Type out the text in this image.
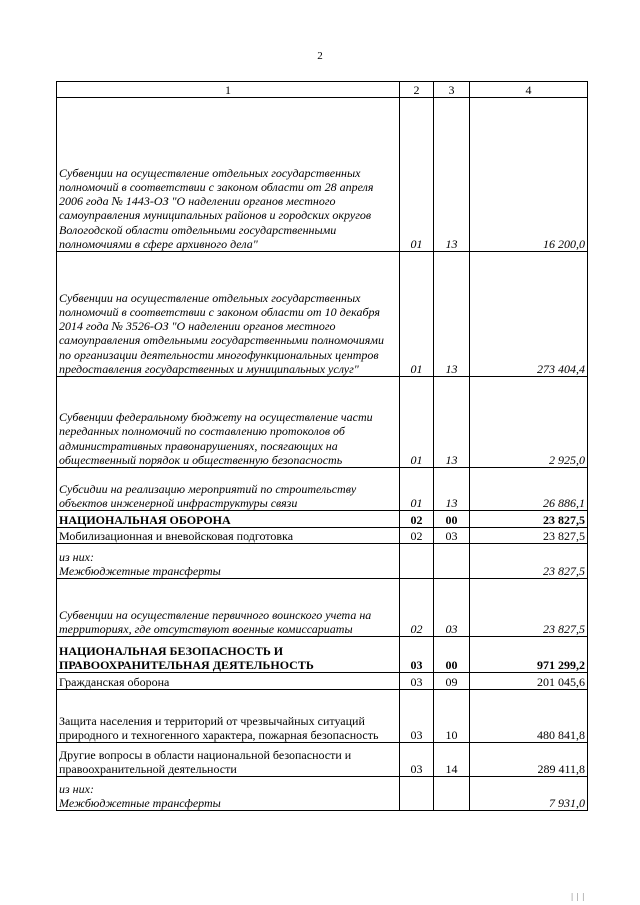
2
1	2	3	4
Субвенции на осуществление отдельных государственных полномочий в соответствии с законом области от 28 апреля 2006 года № 1443-ОЗ "О наделении органов местного самоуправления муниципальных районов и городских округов Вологодской области отдельными государственными полномочиями в сфере архивного дела"	01	13	16 200,0
Субвенции на осуществление отдельных государственных полномочий в соответствии с законом области от 10 декабря 2014 года № 3526-ОЗ "О наделении органов местного самоуправления отдельными государственными полномочиями по организации деятельности многофункциональных центров предоставления государственных и муниципальных услуг"	01	13	273 404,4
Субвенции федеральному бюджету на осуществление части переданных полномочий по составлению протоколов об административных правонарушениях, посягающих на общественный порядок и общественную безопасность	01	13	2 925,0
Субсидии на реализацию мероприятий по строительству объектов инженерной инфраструктуры связи	01	13	26 886,1
НАЦИОНАЛЬНАЯ ОБОРОНА	02	00	23 827,5
Мобилизационная и вневойсковая подготовка	02	03	23 827,5
из них:
Межбюджетные трансферты			23 827,5
Субвенции на осуществление первичного воинского учета на территориях, где отсутствуют военные комиссариаты	02	03	23 827,5
НАЦИОНАЛЬНАЯ БЕЗОПАСНОСТЬ И ПРАВООХРАНИТЕЛЬНАЯ ДЕЯТЕЛЬНОСТЬ	03	00	971 299,2
Гражданская оборона	03	09	201 045,6
Защита населения и территорий от чрезвычайных ситуаций природного и техногенного характера, пожарная безопасность	03	10	480 841,8
Другие вопросы в области национальной безопасности и правоохранительной деятельности	03	14	289 411,8
из них:
Межбюджетные трансферты			7 931,0
| | |
